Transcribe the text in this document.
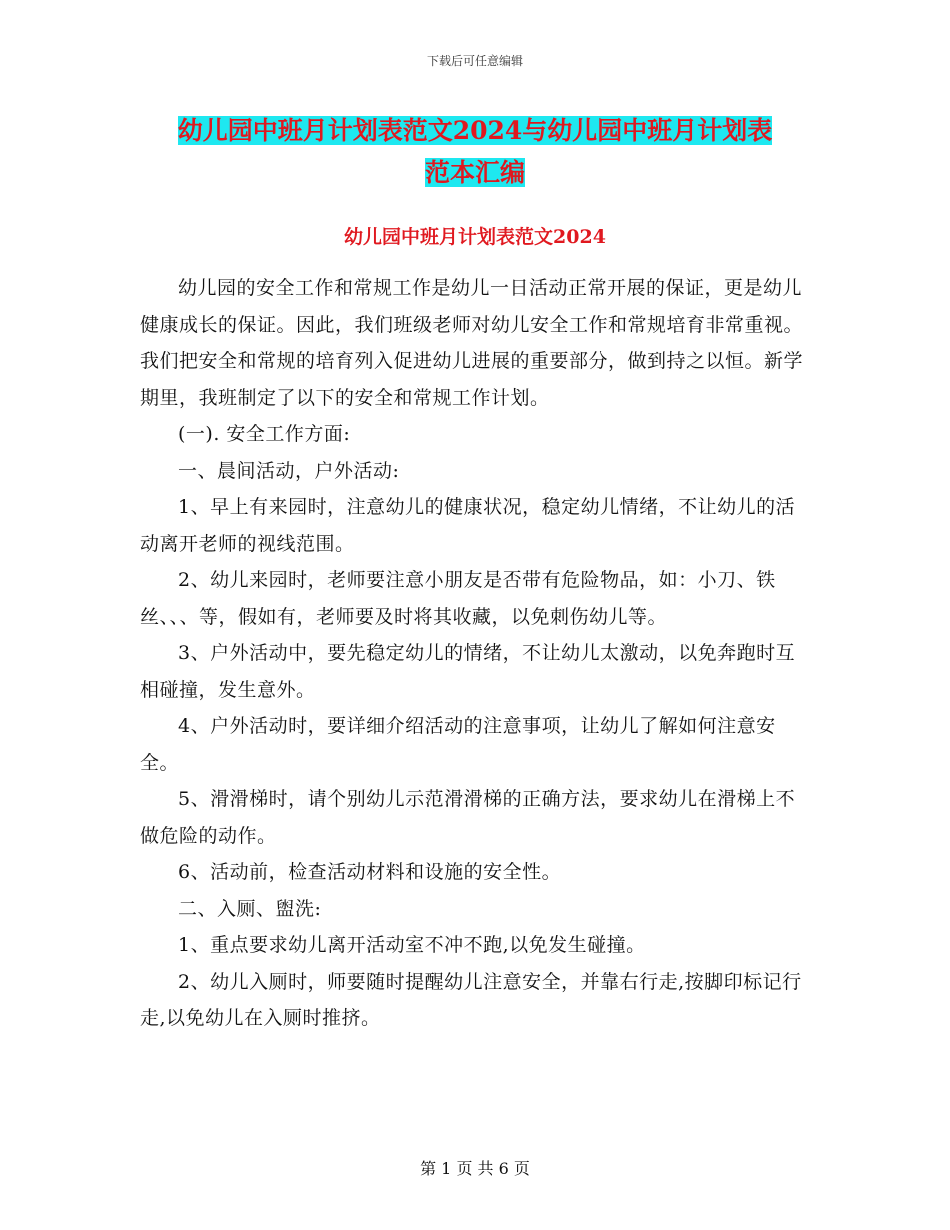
下载后可任意编辑
幼儿园中班月计划表范文2024与幼儿园中班月计划表
范本汇编
幼儿园中班月计划表范文2024

幼儿园的安全工作和常规工作是幼儿一日活动正常开展的保证，更是幼儿健康成长的保证。因此，我们班级老师对幼儿安全工作和常规培育非常重视。我们把安全和常规的培育列入促进幼儿进展的重要部分，做到持之以恒。新学期里，我班制定了以下的安全和常规工作计划。

(一). 安全工作方面:

一、晨间活动，户外活动:

1、早上有来园时，注意幼儿的健康状况，稳定幼儿情绪，不让幼儿的活动离开老师的视线范围。

2、幼儿来园时，老师要注意小朋友是否带有危险物品，如：小刀、铁丝、、、等，假如有，老师要及时将其收藏，以免刺伤幼儿等。

3、户外活动中，要先稳定幼儿的情绪，不让幼儿太激动，以免奔跑时互相碰撞，发生意外。

4、户外活动时，要详细介绍活动的注意事项，让幼儿了解如何注意安全。

5、滑滑梯时，请个别幼儿示范滑滑梯的正确方法，要求幼儿在滑梯上不做危险的动作。

6、活动前，检查活动材料和设施的安全性。

二、入厕、盥洗:

1、重点要求幼儿离开活动室不冲不跑,以免发生碰撞。

2、幼儿入厕时，师要随时提醒幼儿注意安全，并靠右行走,按脚印标记行走,以免幼儿在入厕时推挤。

第 1 页 共 6 页
